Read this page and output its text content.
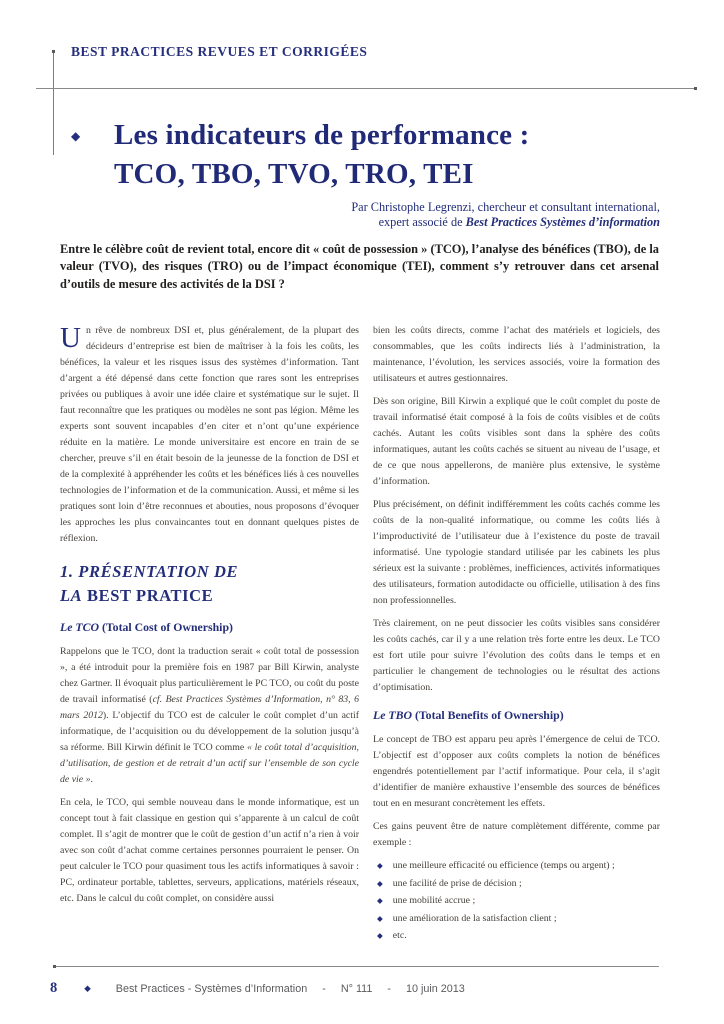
BEST PRACTICES REVUES ET CORRIGÉES
◆ Les indicateurs de performance :
TCO, TBO, TVO, TRO, TEI
Par Christophe Legrenzi, chercheur et consultant international,
expert associé de Best Practices Systèmes d’information

Entre le célèbre coût de revient total, encore dit « coût de possession » (TCO), l’analyse des bénéfices (TBO), de la valeur (TVO), des risques (TRO) ou de l’impact économique (TEI), comment s’y retrouver dans cet arsenal d’outils de mesure des activités de la DSI ?

Un rêve de nombreux DSI et, plus généralement, de la plupart des décideurs d’entreprise est bien de maîtriser à la fois les coûts, les bénéfices, la valeur et les risques issus des systèmes d’information. Tant d’argent a été dépensé dans cette fonction que rares sont les entreprises privées ou publiques à avoir une idée claire et systématique sur le sujet. Il faut reconnaître que les pratiques ou modèles ne sont pas légion. Même les experts sont souvent incapables d’en citer et n’ont qu’une expérience réduite en la matière. Le monde universitaire est encore en train de se chercher, preuve s’il en était besoin de la jeunesse de la fonction de DSI et de la complexité à appréhender les coûts et les bénéfices liés à ces nouvelles technologies de l’information et de la communication. Aussi, et même si les pratiques sont loin d’être reconnues et abouties, nous proposons d’évoquer les approches les plus convaincantes tout en donnant quelques pistes de réflexion.

1. PRÉSENTATION DE
LA BEST PRATICE
Le TCO (Total Cost of Ownership)

Rappelons que le TCO, dont la traduction serait « coût total de possession », a été introduit pour la première fois en 1987 par Bill Kirwin, analyste chez Gartner. Il évoquait plus particulièrement le PC TCO, ou coût du poste de travail informatisé (cf. Best Practices Systèmes d’Information, n° 83, 6 mars 2012). L’objectif du TCO est de calculer le coût complet d’un actif informatique, de l’acquisition ou du développement de la solution jusqu’à sa réforme. Bill Kirwin définit le TCO comme « le coût total d’acquisition, d’utilisation, de gestion et de retrait d’un actif sur l’ensemble de son cycle de vie ».

En cela, le TCO, qui semble nouveau dans le monde informatique, est un concept tout à fait classique en gestion qui s’apparente à un calcul de coût complet. Il s’agit de montrer que le coût de gestion d’un actif n’a rien à voir avec son coût d’achat comme certaines personnes pourraient le penser. On peut calculer le TCO pour quasiment tous les actifs informatiques à savoir : PC, ordinateur portable, tablettes, serveurs, applications, matériels réseaux, etc. Dans le calcul du coût complet, on considère aussi

bien les coûts directs, comme l’achat des matériels et logiciels, des consommables, que les coûts indirects liés à l’administration, la maintenance, l’évolution, les services associés, voire la formation des utilisateurs et autres gestionnaires.

Dès son origine, Bill Kirwin a expliqué que le coût complet du poste de travail informatisé était composé à la fois de coûts visibles et de coûts cachés. Autant les coûts visibles sont dans la sphère des coûts informatiques, autant les coûts cachés se situent au niveau de l’usage, et de ce que nous appellerons, de manière plus extensive, le système d’information.

Plus précisément, on définit indifféremment les coûts cachés comme les coûts de la non-qualité informatique, ou comme les coûts liés à l’improductivité de l’utilisateur due à l’existence du poste de travail informatisé. Une typologie standard utilisée par les cabinets les plus sérieux est la suivante : problèmes, inefficiences, activités informatiques des utilisateurs, formation autodidacte ou officielle, utilisation à des fins non professionnelles.

Très clairement, on ne peut dissocier les coûts visibles sans considérer les coûts cachés, car il y a une relation très forte entre les deux. Le TCO est fort utile pour suivre l’évolution des coûts dans le temps et en particulier le changement de technologies ou le résultat des actions d’optimisation.

Le TBO (Total Benefits of Ownership)

Le concept de TBO est apparu peu après l’émergence de celui de TCO. L’objectif est d’opposer aux coûts complets la notion de bénéfices engendrés potentiellement par l’actif informatique. Pour cela, il s’agit d’identifier de manière exhaustive l’ensemble des sources de bénéfices tout en en mesurant concrètement les effets.

Ces gains peuvent être de nature complètement différente, comme par exemple :

◆ une meilleure efficacité ou efficience (temps ou argent) ;
◆ une facilité de prise de décision ;
◆ une mobilité accrue ;
◆ une amélioration de la satisfaction client ;
◆ etc.
8	◆ Best Practices - Systèmes d’Information - N° 111 - 10 juin 2013
